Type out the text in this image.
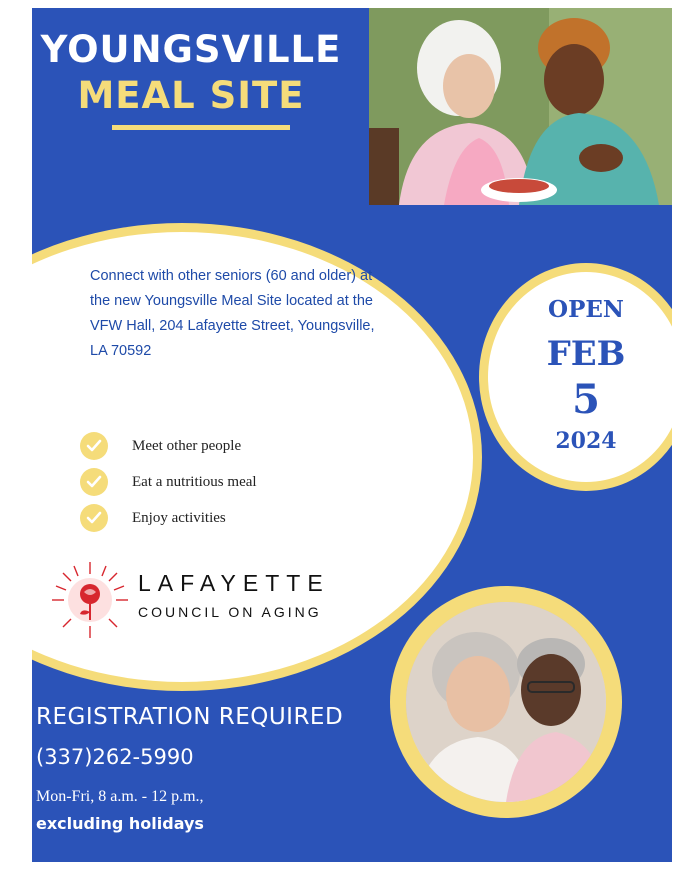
YOUNGSVILLE
MEAL SITE
Connect with other seniors (60 and older) at the new Youngsville Meal Site located at the VFW Hall, 204 Lafayette Street, Youngsville, LA 70592
Meet other people
Eat a nutritious meal
Enjoy activities
LAFAYETTE
COUNCIL ON AGING
OPEN
FEB
5
2024
REGISTRATION REQUIRED
(337)262-5990
Mon-Fri, 8 a.m. - 12 p.m.,
excluding holidays
